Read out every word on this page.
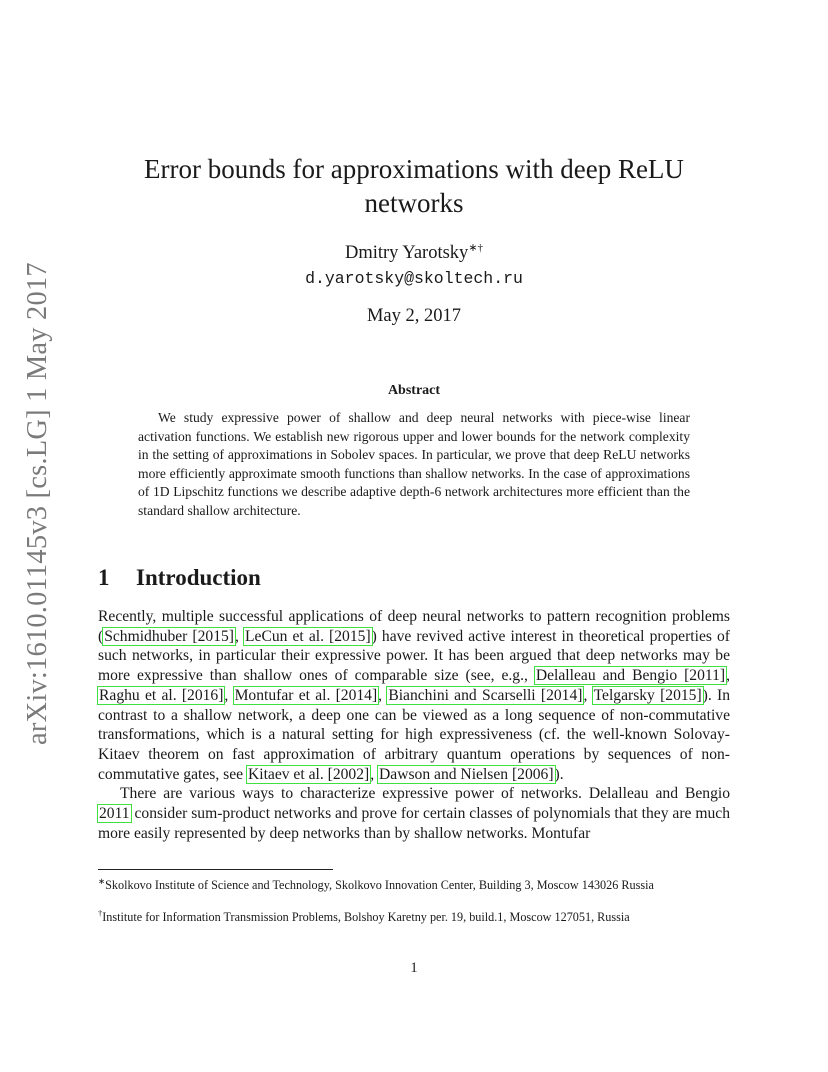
arXiv:1610.01145v3 [cs.LG] 1 May 2017
Error bounds for approximations with deep ReLU networks
Dmitry Yarotsky∗†
d.yarotsky@skoltech.ru
May 2, 2017
Abstract

We study expressive power of shallow and deep neural networks with piece-wise linear activation functions. We establish new rigorous upper and lower bounds for the network complexity in the setting of approximations in Sobolev spaces. In particular, we prove that deep ReLU networks more efficiently approximate smooth functions than shallow networks. In the case of approximations of 1D Lipschitz functions we describe adaptive depth-6 network architectures more efficient than the standard shallow architecture.

1 Introduction

Recently, multiple successful applications of deep neural networks to pattern recognition problems (Schmidhuber [2015], LeCun et al. [2015]) have revived active interest in theoretical properties of such networks, in particular their expressive power. It has been argued that deep networks may be more expressive than shallow ones of comparable size (see, e.g., Delalleau and Bengio [2011], Raghu et al. [2016], Montufar et al. [2014], Bianchini and Scarselli [2014], Telgarsky [2015]). In contrast to a shallow network, a deep one can be viewed as a long sequence of non-commutative transformations, which is a natural setting for high expressiveness (cf. the well-known Solovay-Kitaev theorem on fast approximation of arbitrary quantum operations by sequences of non-commutative gates, see Kitaev et al. [2002], Dawson and Nielsen [2006]).

There are various ways to characterize expressive power of networks. Delalleau and Bengio 2011 consider sum-product networks and prove for certain classes of polynomials that they are much more easily represented by deep networks than by shallow networks. Montufar

∗Skolkovo Institute of Science and Technology, Skolkovo Innovation Center, Building 3, Moscow 143026 Russia
†Institute for Information Transmission Problems, Bolshoy Karetny per. 19, build.1, Moscow 127051, Russia
1
